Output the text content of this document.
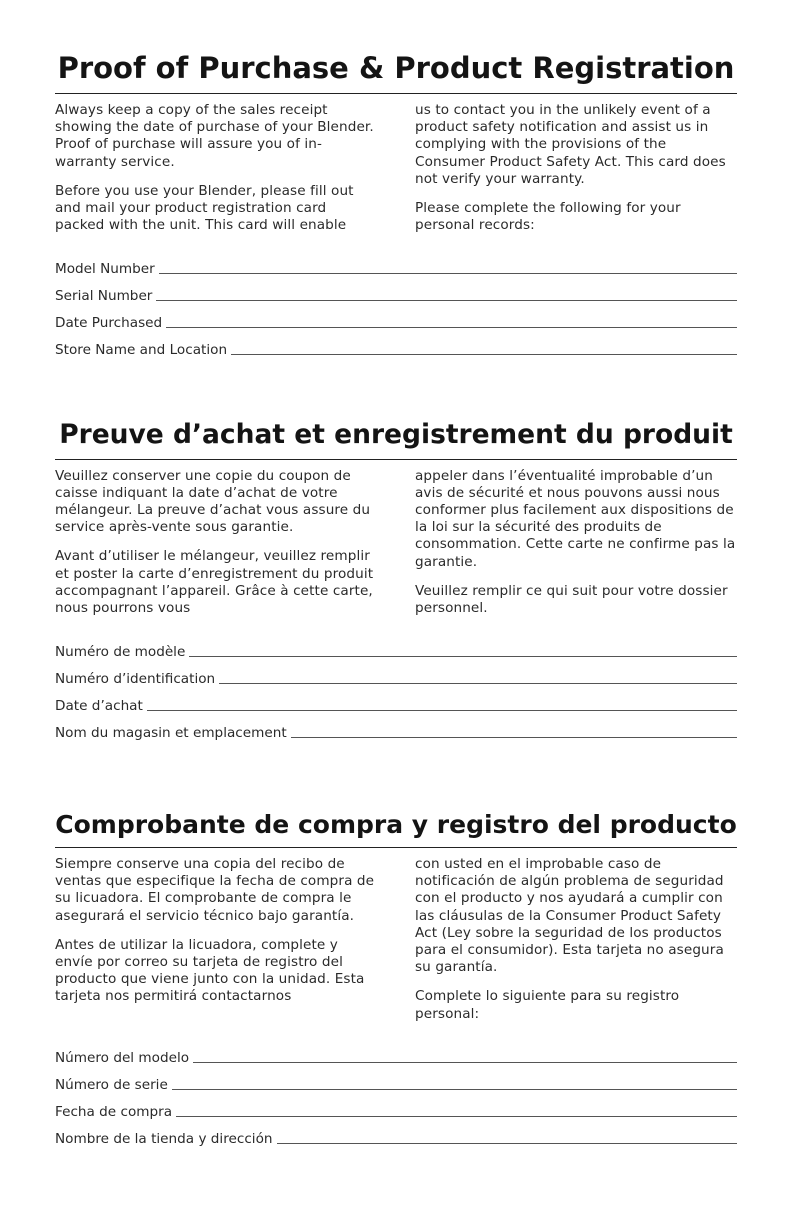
Proof of Purchase & Product Registration

Always keep a copy of the sales receipt showing the date of purchase of your Blender. Proof of purchase will assure you of in-warranty service.

Before you use your Blender, please fill out and mail your product registration card packed with the unit. This card will enable

us to contact you in the unlikely event of a product safety notification and assist us in complying with the provisions of the Consumer Product Safety Act. This card does not verify your warranty.

Please complete the following for your personal records:

Model Number
Serial Number
Date Purchased
Store Name and Location
Preuve d’achat et enregistrement du produit

Veuillez conserver une copie du coupon de caisse indiquant la date d’achat de votre mélangeur. La preuve d’achat vous assure du service après-vente sous garantie.

Avant d’utiliser le mélangeur, veuillez remplir et poster la carte d’enregistrement du produit accompagnant l’appareil. Grâce à cette carte, nous pourrons vous

appeler dans l’éventualité improbable d’un avis de sécurité et nous pouvons aussi nous conformer plus facilement aux dispositions de la loi sur la sécurité des produits de consommation. Cette carte ne confirme pas la garantie.

Veuillez remplir ce qui suit pour votre dossier personnel.

Numéro de modèle
Numéro d’identification
Date d’achat
Nom du magasin et emplacement
Comprobante de compra y registro del producto

Siempre conserve una copia del recibo de ventas que especifique la fecha de compra de su licuadora. El comprobante de compra le asegurará el servicio técnico bajo garantía.

Antes de utilizar la licuadora, complete y envíe por correo su tarjeta de registro del producto que viene junto con la unidad. Esta tarjeta nos permitirá contactarnos

con usted en el improbable caso de notificación de algún problema de seguridad con el producto y nos ayudará a cumplir con las cláusulas de la Consumer Product Safety Act (Ley sobre la seguridad de los productos para el consumidor). Esta tarjeta no asegura su garantía.

Complete lo siguiente para su registro personal:

Número del modelo
Número de serie
Fecha de compra
Nombre de la tienda y dirección
